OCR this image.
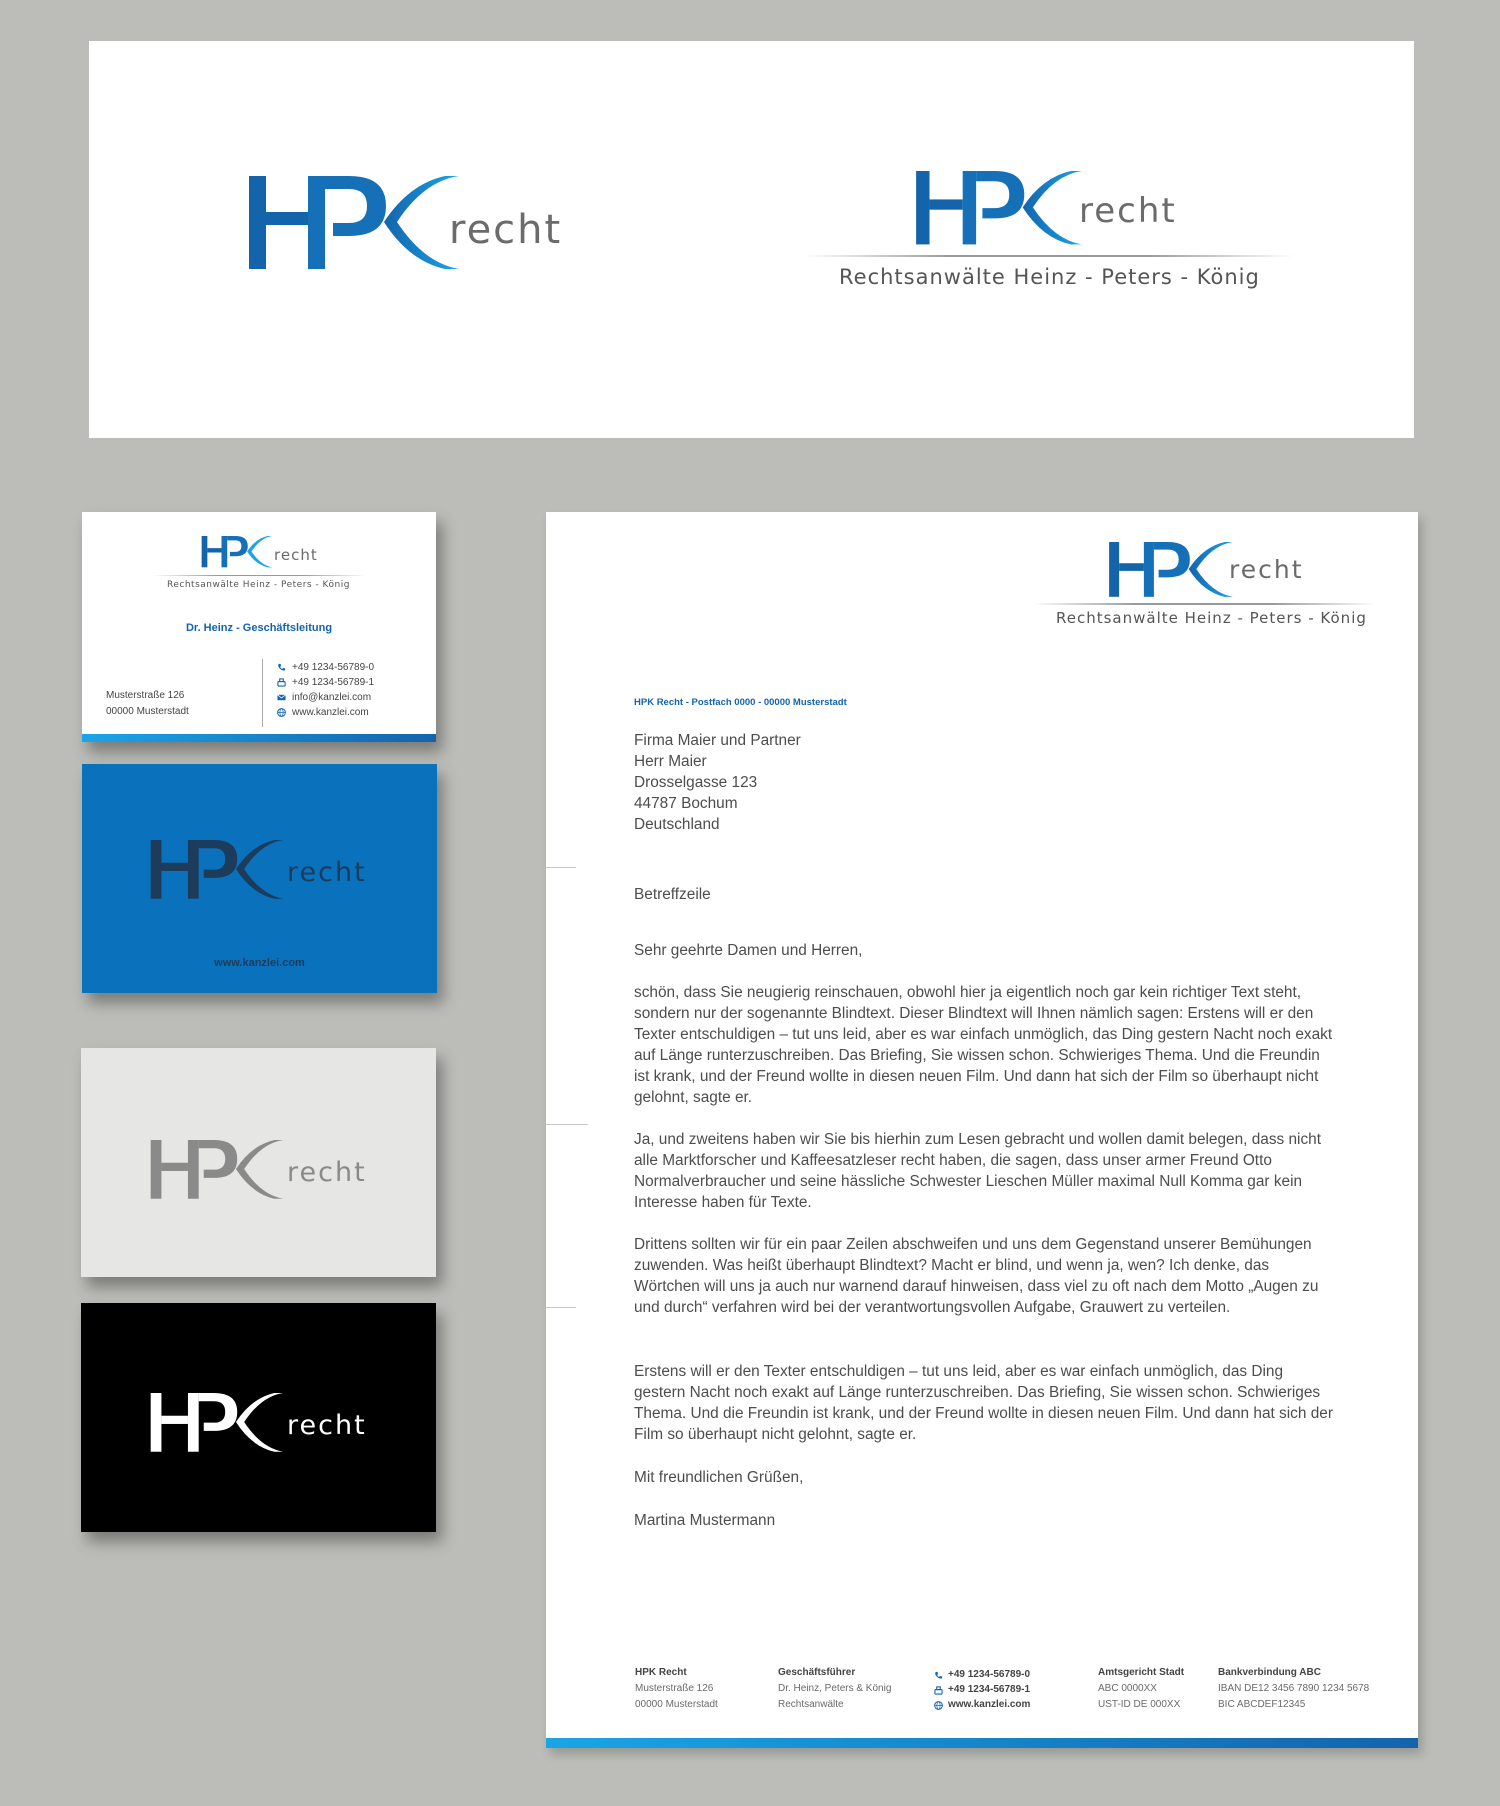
recht	recht
Rechtsanwälte Heinz - Peters - König
recht
Rechtsanwälte Heinz - Peters - König
Dr. Heinz - Geschäftsleitung
Musterstraße 126
00000 Musterstadt
+49 1234-56789-0
+49 1234-56789-1
info@kanzlei.com
www.kanzlei.com
recht
www.kanzlei.com
recht
recht
recht
Rechtsanwälte Heinz - Peters - König
HPK Recht - Postfach 0000 - 00000 Musterstadt

Firma Maier und Partner

Herr Maier

Drosselgasse 123

44787 Bochum

Deutschland

Betreffzeile

Sehr geehrte Damen und Herren,

schön, dass Sie neugierig reinschauen, obwohl hier ja eigentlich noch gar kein richtiger Text steht, sondern nur der sogenannte Blindtext. Dieser Blindtext will Ihnen nämlich sagen: Erstens will er den Texter entschuldigen – tut uns leid, aber es war einfach unmöglich, das Ding gestern Nacht noch exakt auf Länge runterzuschreiben. Das Briefing, Sie wissen schon. Schwieriges Thema. Und die Freundin ist krank, und der Freund wollte in diesen neuen Film. Und dann hat sich der Film so überhaupt nicht gelohnt, sagte er.

Ja, und zweitens haben wir Sie bis hierhin zum Lesen gebracht und wollen damit belegen, dass nicht alle Marktforscher und Kaffeesatzleser recht haben, die sagen, dass unser armer Freund Otto Normalverbraucher und seine hässliche Schwester Lieschen Müller maximal Null Komma gar kein Interesse haben für Texte.

Drittens sollten wir für ein paar Zeilen abschweifen und uns dem Gegenstand unserer Bemühungen zuwenden. Was heißt überhaupt Blindtext? Macht er blind, und wenn ja, wen? Ich denke, das Wörtchen will uns ja auch nur warnend darauf hinweisen, dass viel zu oft nach dem Motto „Augen zu und durch“ verfahren wird bei der verantwortungsvollen Aufgabe, Grauwert zu verteilen.

Erstens will er den Texter entschuldigen – tut uns leid, aber es war einfach unmöglich, das Ding gestern Nacht noch exakt auf Länge runterzuschreiben. Das Briefing, Sie wissen schon. Schwieriges Thema. Und die Freundin ist krank, und der Freund wollte in diesen neuen Film. Und dann hat sich der Film so überhaupt nicht gelohnt, sagte er.

Mit freundlichen Grüßen,

Martina Mustermann

HPK Recht
Musterstraße 126
00000 Musterstadt
Geschäftsführer
Dr. Heinz, Peters & König
Rechtsanwälte
+49 1234-56789-0
+49 1234-56789-1
www.kanzlei.com
Amtsgericht Stadt
ABC 0000XX
UST-ID DE 000XX
Bankverbindung ABC
IBAN DE12 3456 7890 1234 5678
BIC ABCDEF12345
